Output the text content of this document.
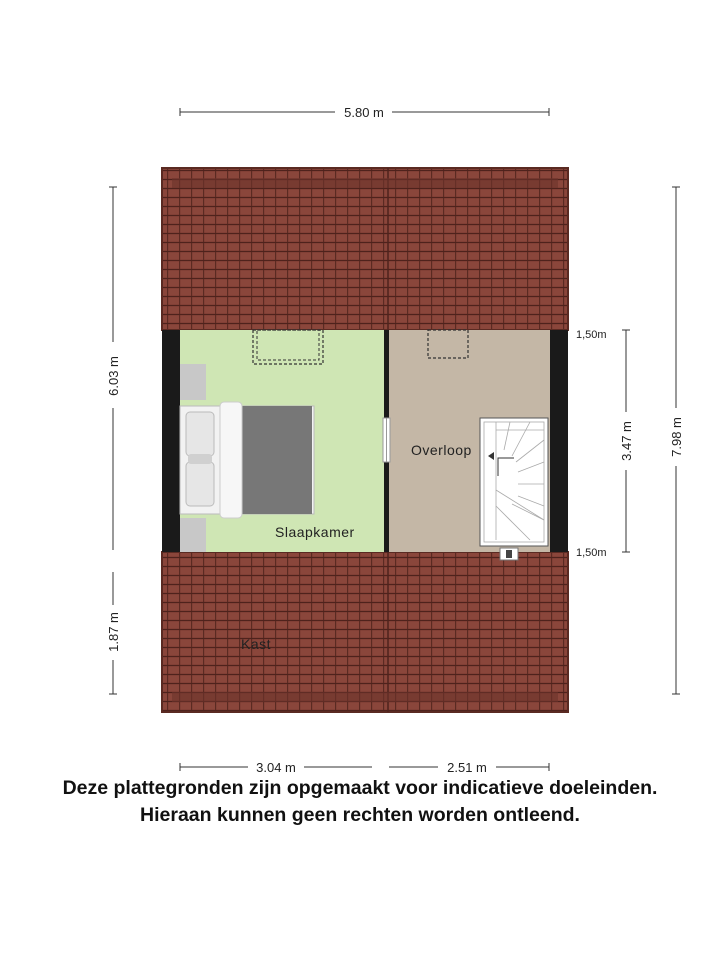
5.80 m
Slaapkamer
Overloop
Kast
6.03 m
1.87 m
7.98 m
3.47 m
1,50m
1,50m
3.04 m	2.51 m
Deze plattegronden zijn opgemaakt voor indicatieve doeleinden.
Hieraan kunnen geen rechten worden ontleend.
